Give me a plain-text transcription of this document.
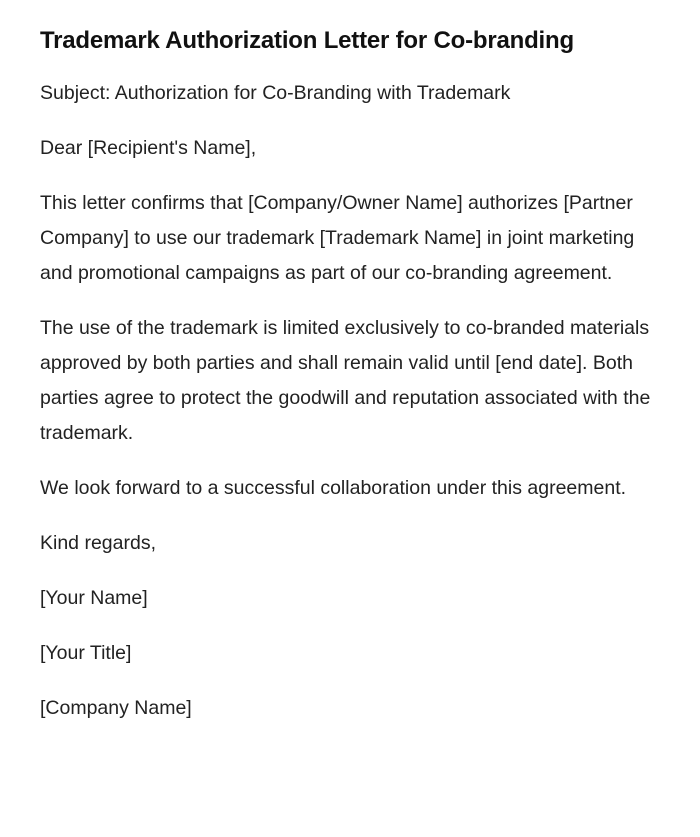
Trademark Authorization Letter for Co-branding

Subject: Authorization for Co-Branding with Trademark

Dear [Recipient's Name],

This letter confirms that [Company/Owner Name] authorizes [Partner Company] to use our trademark [Trademark Name] in joint marketing and promotional campaigns as part of our co-branding agreement.

The use of the trademark is limited exclusively to co-branded materials approved by both parties and shall remain valid until [end date]. Both parties agree to protect the goodwill and reputation associated with the trademark.

We look forward to a successful collaboration under this agreement.

Kind regards,

[Your Name]

[Your Title]

[Company Name]
